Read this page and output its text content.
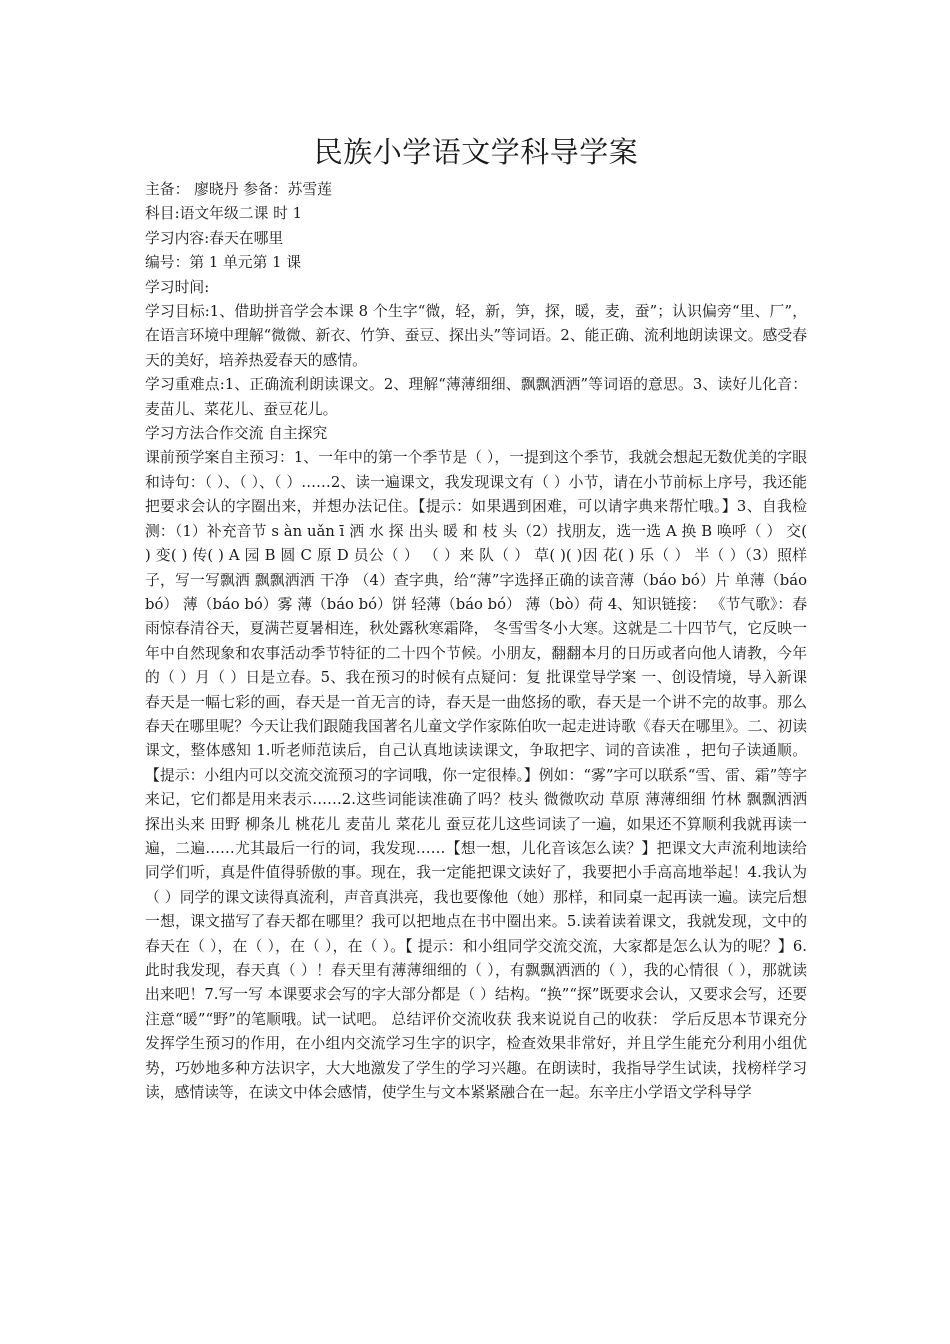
民族小学语文学科导学案

主备： 廖晓丹 参备：苏雪莲

科目:语文年级二课 时 1

学习内容:春天在哪里

编号：第 1 单元第 1 课

学习时间:

学习目标:1、借助拼音学会本课 8 个生字“微，轻，新，笋，探，暖，麦，蚕”；认识偏旁“里、厂”，在语言环境中理解“微微、新衣、竹笋、蚕豆、探出头”等词语。2、能正确、流利地朗读课文。感受春天的美好，培养热爱春天的感情。

学习重难点:1、正确流利朗读课文。2、理解“薄薄细细、飘飘洒洒”等词语的意思。3、读好儿化音：麦苗儿、菜花儿、蚕豆花儿。

学习方法合作交流 自主探究

课前预学案自主预习：1、一年中的第一个季节是（ ），一提到这个季节，我就会想起无数优美的字眼和诗句：（ ）、（ ）、（ ）……2、读一遍课文，我发现课文有（ ）小节，请在小节前标上序号，我还能把要求会认的字圈出来，并想办法记住。【提示：如果遇到困难，可以请字典来帮忙哦。】3、自我检测：（1）补充音节 s àn uǎn ī 洒 水 探 出头 暖 和 枝 头（2）找朋友，选一选 A 换 B 唤呼（ ） 交( ) 变( ) 传( ) A 园 B 圆 C 原 D 员公（ ） （ ）来 队（ ） 草( )( )因 花( ) 乐（ ） 半（ ）（3）照样子，写一写飘洒 飘飘洒洒 干净 （4）查字典，给“薄”字选择正确的读音薄（báo bó）片 单薄（báo bó） 薄（báo bó）雾 薄（báo bó）饼 轻薄（báo bó） 薄（bò）荷 4、知识链接： 《节气歌》：春雨惊春清谷天，夏满芒夏暑相连，秋处露秋寒霜降， 冬雪雪冬小大寒。这就是二十四节气，它反映一年中自然现象和农事活动季节特征的二十四个节候。小朋友，翻翻本月的日历或者向他人请教，今年的（ ）月（ ）日是立春。5、我在预习的时候有点疑问：复 批课堂导学案 一、创设情境，导入新课春天是一幅七彩的画，春天是一首无言的诗，春天是一曲悠扬的歌，春天是一个讲不完的故事。那么春天在哪里呢？今天让我们跟随我国著名儿童文学作家陈伯吹一起走进诗歌《春天在哪里》。二、初读课文，整体感知 1.听老师范读后，自己认真地读读课文，争取把字、词的音读准 ，把句子读通顺。【提示：小组内可以交流交流预习的字词哦，你一定很棒。】例如：“雾”字可以联系“雪、雷、霜”等字来记，它们都是用来表示……2.这些词能读准确了吗？枝头 微微吹动 草原 薄薄细细 竹林 飘飘洒洒 探出头来 田野 柳条儿 桃花儿 麦苗儿 菜花儿 蚕豆花儿这些词读了一遍，如果还不算顺利我就再读一遍，二遍……尤其最后一行的词，我发现……【想一想，儿化音该怎么读？】把课文大声流利地读给同学们听，真是件值得骄傲的事。现在，我一定能把课文读好了，我要把小手高高地举起！4.我认为（ ）同学的课文读得真流利，声音真洪亮，我也要像他（她）那样，和同桌一起再读一遍。读完后想一想，课文描写了春天都在哪里？我可以把地点在书中圈出来。5.读着读着课文，我就发现，文中的春天在（ ），在（ ），在（ ），在（ ）。【 提示：和小组同学交流交流，大家都是怎么认为的呢？】6.此时我发现，春天真（ ）！春天里有薄薄细细的（ ），有飘飘洒洒的（ ），我的心情很（ ），那就读出来吧！7.写一写 本课要求会写的字大部分都是（ ）结构。“换”“探”既要求会认，又要求会写，还要注意“暖”“野”的笔顺哦。试一试吧。 总结评价交流收获 我来说说自己的收获： 学后反思本节课充分发挥学生预习的作用，在小组内交流学习生字的识字，检查效果非常好，并且学生能充分利用小组优势，巧妙地多种方法识字，大大地激发了学生的学习兴趣。在朗读时，我指导学生试读，找榜样学习读，感情读等，在读文中体会感情，使学生与文本紧紧融合在一起。东辛庄小学语文学科导学
